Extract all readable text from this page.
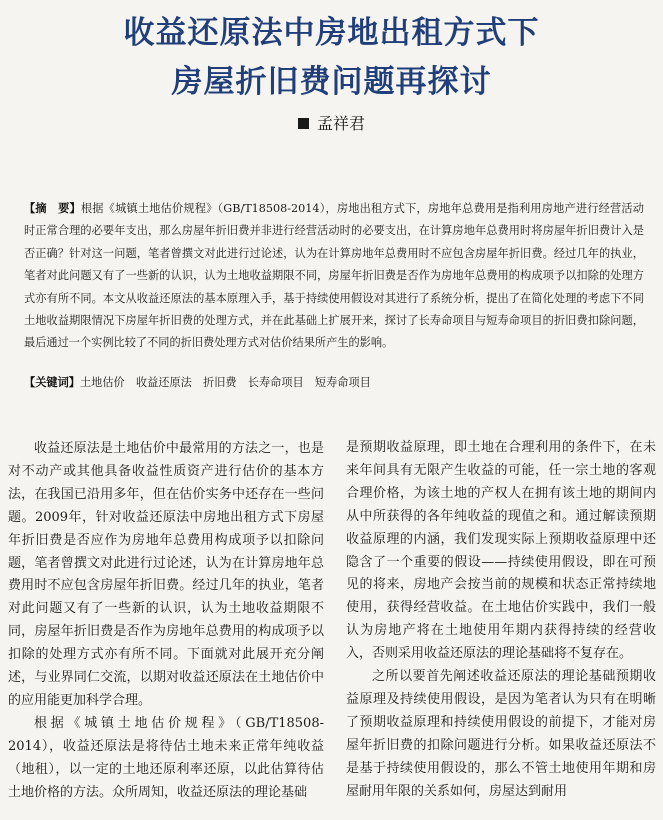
收益还原法中房地出租方式下
房屋折旧费问题再探讨
孟祥君

【摘　要】根据《城镇土地估价规程》（GB/T18508-2014），房地出租方式下，房地年总费用是指利用房地产进行经营活动时正常合理的必要年支出，那么房屋年折旧费并非进行经营活动时的必要支出，在计算房地年总费用时将房屋年折旧费计入是否正确？针对这一问题，笔者曾撰文对此进行过论述，认为在计算房地年总费用时不应包含房屋年折旧费。经过几年的执业，笔者对此问题又有了一些新的认识，认为土地收益期限不同，房屋年折旧费是否作为房地年总费用的构成项予以扣除的处理方式亦有所不同。本文从收益还原法的基本原理入手，基于持续使用假设对其进行了系统分析，提出了在简化处理的考虑下不同土地收益期限情况下房屋年折旧费的处理方式，并在此基础上扩展开来，探讨了长寿命项目与短寿命项目的折旧费扣除问题，最后通过一个实例比较了不同的折旧费处理方式对估价结果所产生的影响。

【关键词】土地估价　收益还原法　折旧费　长寿命项目　短寿命项目

收益还原法是土地估价中最常用的方法之一，也是对不动产或其他具备收益性质资产进行估价的基本方法，在我国已沿用多年，但在估价实务中还存在一些问题。2009年，针对收益还原法中房地出租方式下房屋年折旧费是否应作为房地年总费用构成项予以扣除问题，笔者曾撰文对此进行过论述，认为在计算房地年总费用时不应包含房屋年折旧费。经过几年的执业，笔者对此问题又有了一些新的认识，认为土地收益期限不同，房屋年折旧费是否作为房地年总费用的构成项予以扣除的处理方式亦有所不同。下面就对此展开充分阐述，与业界同仁交流，以期对收益还原法在土地估价中的应用能更加科学合理。

根据《城镇土地估价规程》（GB/T18508-2014），收益还原法是将待估土地未来正常年纯收益（地租），以一定的土地还原利率还原，以此估算待估土地价格的方法。众所周知，收益还原法的理论基础

是预期收益原理，即土地在合理利用的条件下，在未来年间具有无限产生收益的可能，任一宗土地的客观合理价格，为该土地的产权人在拥有该土地的期间内从中所获得的各年纯收益的现值之和。通过解读预期收益原理的内涵，我们发现实际上预期收益原理中还隐含了一个重要的假设——持续使用假设，即在可预见的将来，房地产会按当前的规模和状态正常持续地使用，获得经营收益。在土地估价实践中，我们一般认为房地产将在土地使用年期内获得持续的经营收入，否则采用收益还原法的理论基础将不复存在。

之所以要首先阐述收益还原法的理论基础预期收益原理及持续使用假设，是因为笔者认为只有在明晰了预期收益原理和持续使用假设的前提下，才能对房屋年折旧费的扣除问题进行分析。如果收益还原法不是基于持续使用假设的，那么不管土地使用年期和房屋耐用年限的关系如何，房屋达到耐用
